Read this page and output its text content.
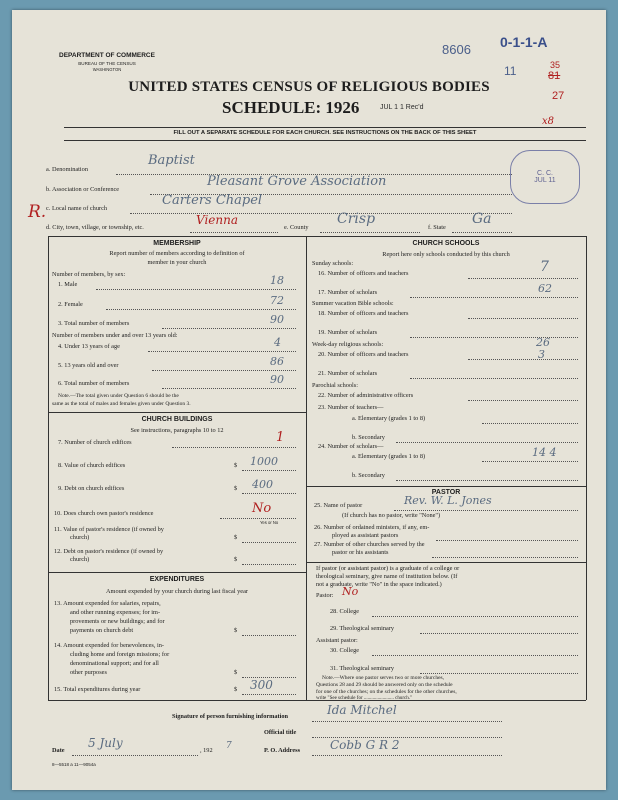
DEPARTMENT OF COMMERCE
BUREAU OF THE CENSUS
WASHINGTON
UNITED STATES CENSUS OF RELIGIOUS BODIES
SCHEDULE: 1926	JUL 1 1 Rec'd
8606 0-1-1-A
11	35
81
27
x8
FILL OUT A SEPARATE SCHEDULE FOR EACH CHURCH. SEE INSTRUCTIONS ON THE BACK OF THIS SHEET
C. C.
JUL 11
R.
a. Denomination
Baptist
b. Association or Conference
Pleasant Grove Association
c. Local name of church
Carters Chapel
d. City, town, village, or township, etc.
Vienna
e. County
Crisp
f. State
Ga
MEMBERSHIP
Report number of members according to definition of
member in your church
Number of members, by sex:
1. Male	18
2. Female	72
3. Total number of members	90
Number of members under and over 13 years old:
4. Under 13 years of age	4
5. 13 years old and over	86
6. Total number of members	90
Note.—The total given under Question 6 should be the
same as the total of males and females given under Question 3.
CHURCH BUILDINGS
See instructions, paragraphs 10 to 12
7. Number of church edifices	1
8. Value of church edifices	$ 1000
9. Debt on church edifices	$ 400
10. Does church own pastor's residence	No
Yes or No
11. Value of pastor's residence (if owned by
church)	$
12. Debt on pastor's residence (if owned by
church)	$
EXPENDITURES
Amount expended by your church during last fiscal year
13. Amount expended for salaries, repairs,
and other running expenses; for im-
provements or new buildings; and for
payments on church debt	$
14. Amount expended for benevolences, in-
cluding home and foreign missions; for
denominational support; and for all
other purposes	$
15. Total expenditures during year	$ 300
CHURCH SCHOOLS
Report here only schools conducted by this church
Sunday schools:
16. Number of officers and teachers	7
17. Number of scholars	62
Summer vacation Bible schools:
18. Number of officers and teachers
19. Number of scholars
Week-day religious schools:	26
20. Number of officers and teachers	3
21. Number of scholars
Parochial schools:
22. Number of administrative officers
23. Number of teachers—
a. Elementary (grades 1 to 8)
b. Secondary
24. Number of scholars—
a. Elementary (grades 1 to 8)	14 4
b. Secondary
PASTOR
25. Name of pastor	Rev. W. L. Jones
(If church has no pastor, write "None")
26. Number of ordained ministers, if any, em-
ployed as assistant pastors
27. Number of other churches served by the
pastor or his assistants
If pastor (or assistant pastor) is a graduate of a college or
theological seminary, give name of institution below. (If
not a graduate, write "No" in the space indicated.)
Pastor: No
28. College
29. Theological seminary
Assistant pastor:
30. College
31. Theological seminary
Note.—Where one pastor serves two or more churches,
Questions 28 and 29 should be answered only on the schedule
for one of the churches; on the schedules for the other churches,
write "See schedule for ........................ church."
Signature of person furnishing information	Ida Mitchel
Official title
Date
5 July
, 192 7	P. O. Address Cobb G R 2
8—5518 a 11—9054a
